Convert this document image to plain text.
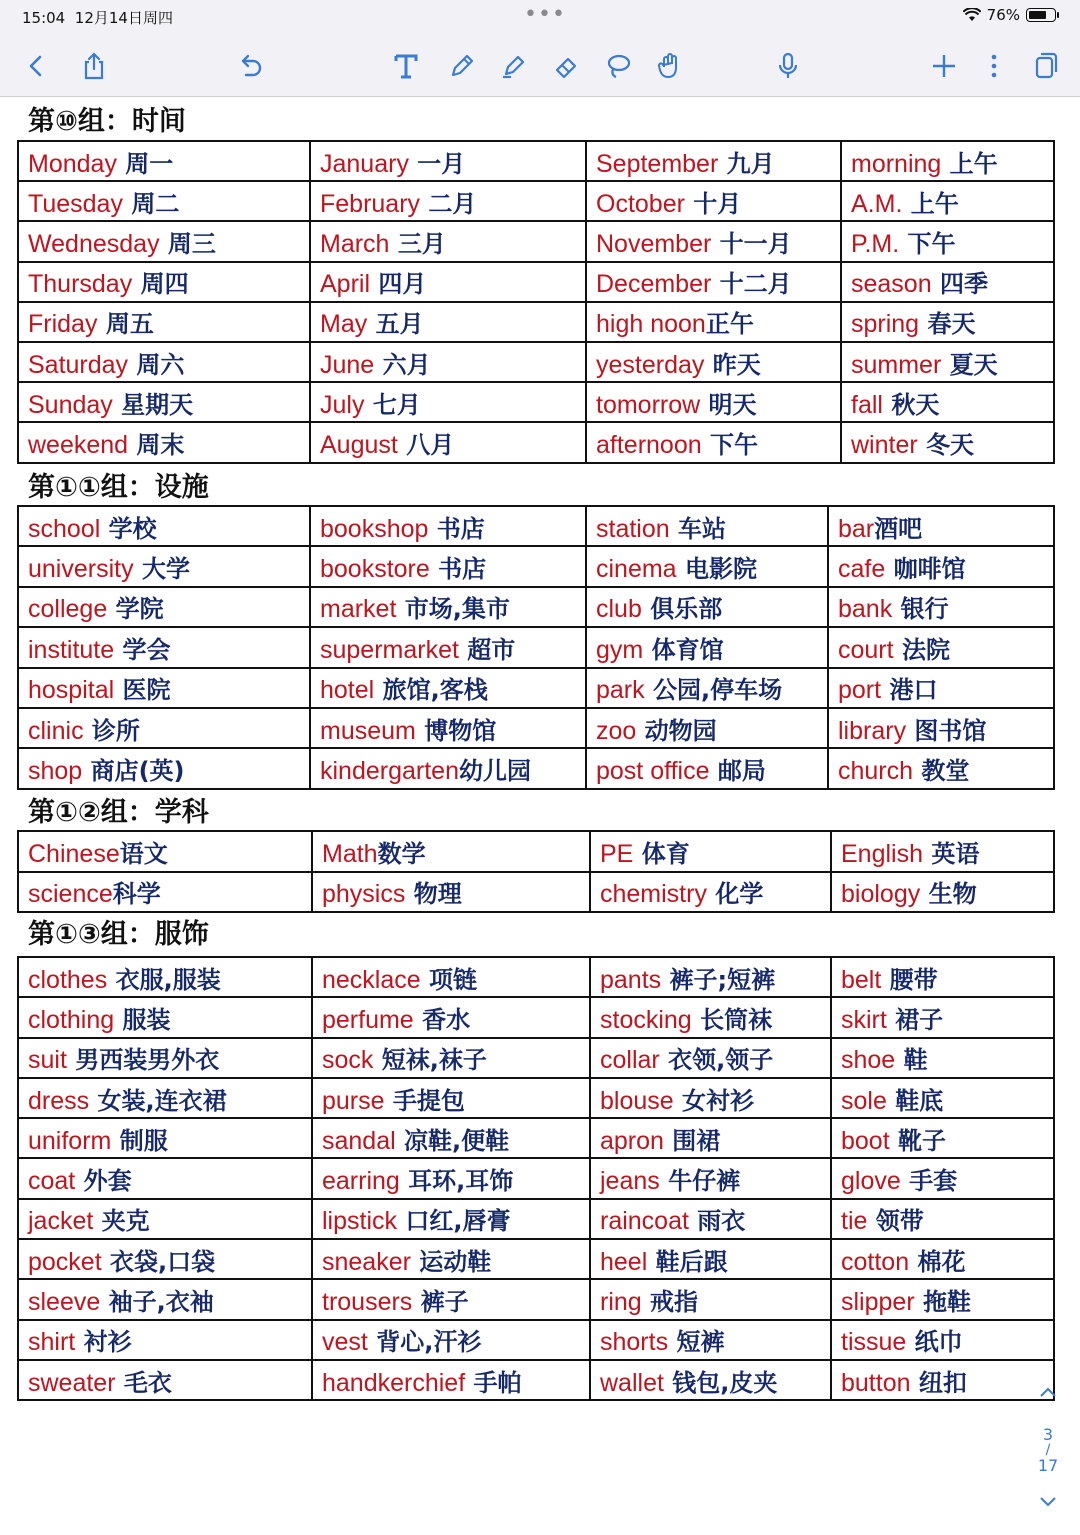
15:04 12月14日周四	•••	76%
第⑩组：时间
Monday 周一	January 一月	September 九月	morning 上午
Tuesday 周二	February 二月	October 十月	A.M. 上午
Wednesday 周三	March 三月	November 十一月	P.M. 下午
Thursday 周四	April 四月	December 十二月	season 四季
Friday 周五	May 五月	high noon正午	spring 春天
Saturday 周六	June 六月	yesterday 昨天	summer 夏天
Sunday 星期天	July 七月	tomorrow 明天	fall 秋天
weekend 周末	August 八月	afternoon 下午	winter 冬天
第①①组：设施
school 学校	bookshop 书店	station 车站	bar酒吧
university 大学	bookstore 书店	cinema 电影院	cafe 咖啡馆
college 学院	market 市场,集市	club 俱乐部	bank 银行
institute 学会	supermarket 超市	gym 体育馆	court 法院
hospital 医院	hotel 旅馆,客栈	park 公园,停车场	port 港口
clinic 诊所	museum 博物馆	zoo 动物园	library 图书馆
shop 商店(英)	kindergarten幼儿园	post office 邮局	church 教堂
第①②组：学科
Chinese语文	Math数学	PE 体育	English 英语
science科学	physics 物理	chemistry 化学	biology 生物
第①③组：服饰
clothes 衣服,服装	necklace 项链	pants 裤子;短裤	belt 腰带
clothing 服装	perfume 香水	stocking 长筒袜	skirt 裙子
suit 男西装男外衣	sock 短袜,袜子	collar 衣领,领子	shoe 鞋
dress 女装,连衣裙	purse 手提包	blouse 女衬衫	sole 鞋底
uniform 制服	sandal 凉鞋,便鞋	apron 围裙	boot 靴子
coat 外套	earring 耳环,耳饰	jeans 牛仔裤	glove 手套
jacket 夹克	lipstick 口红,唇膏	raincoat 雨衣	tie 领带
pocket 衣袋,口袋	sneaker 运动鞋	heel 鞋后跟	cotton 棉花
sleeve 袖子,衣袖	trousers 裤子	ring 戒指	slipper 拖鞋
shirt 衬衫	vest 背心,汗衫	shorts 短裤	tissue 纸巾
sweater 毛衣	handkerchief 手帕	wallet 钱包,皮夹	button 纽扣
3
/
17
